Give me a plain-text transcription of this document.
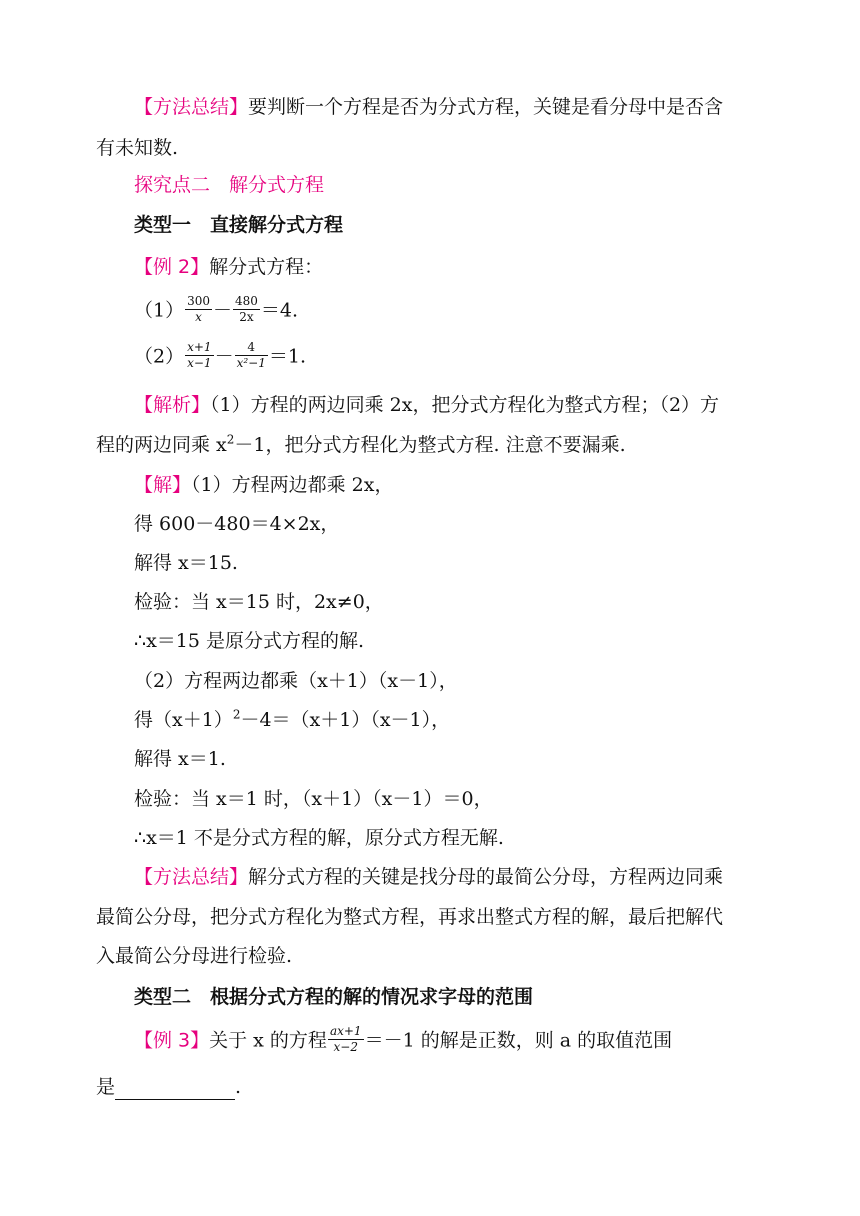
【方法总结】要判断一个方程是否为分式方程，关键是看分母中是否含
有未知数.
探究点二　解分式方程
类型一　直接解分式方程
【例 2】解分式方程：
$(1) \frac{300}{x} - \frac{480}{2x} =4$.
$(2) \frac{x+1}{x-1} - \frac{4}{\text{x²−1}} =1$.
【解析】（1）方程的两边同乘 2x，把分式方程化为整式方程；（2）方
程的两边同乘 $x^2-1$，把分式方程化为整式方程. 注意不要漏乘.
【解】（1）方程两边都乘 2x，
得 600－480＝4×2x，
解得 x＝15.
检验：当 x＝15 时，2x≠0，
∴x＝15 是原分式方程的解.
（2）方程两边都乘（x＋1）（x－1），
得$(x+1)^2-4=(x+1)(x-1)$，
解得 x＝1.
检验：当 x＝1 时，（x＋1）（x－1）＝0，
∴x＝1 不是分式方程的解，原分式方程无解.
【方法总结】解分式方程的关键是找分母的最简公分母，方程两边同乘
最简公分母，把分式方程化为整式方程，再求出整式方程的解，最后把解代
入最简公分母进行检验.
类型二　根据分式方程的解的情况求字母的范围
【例 3】关于 x 的方程 $\frac{ax+1}{x-2} =-1$ 的解是正数，则 a 的取值范围
是	.
